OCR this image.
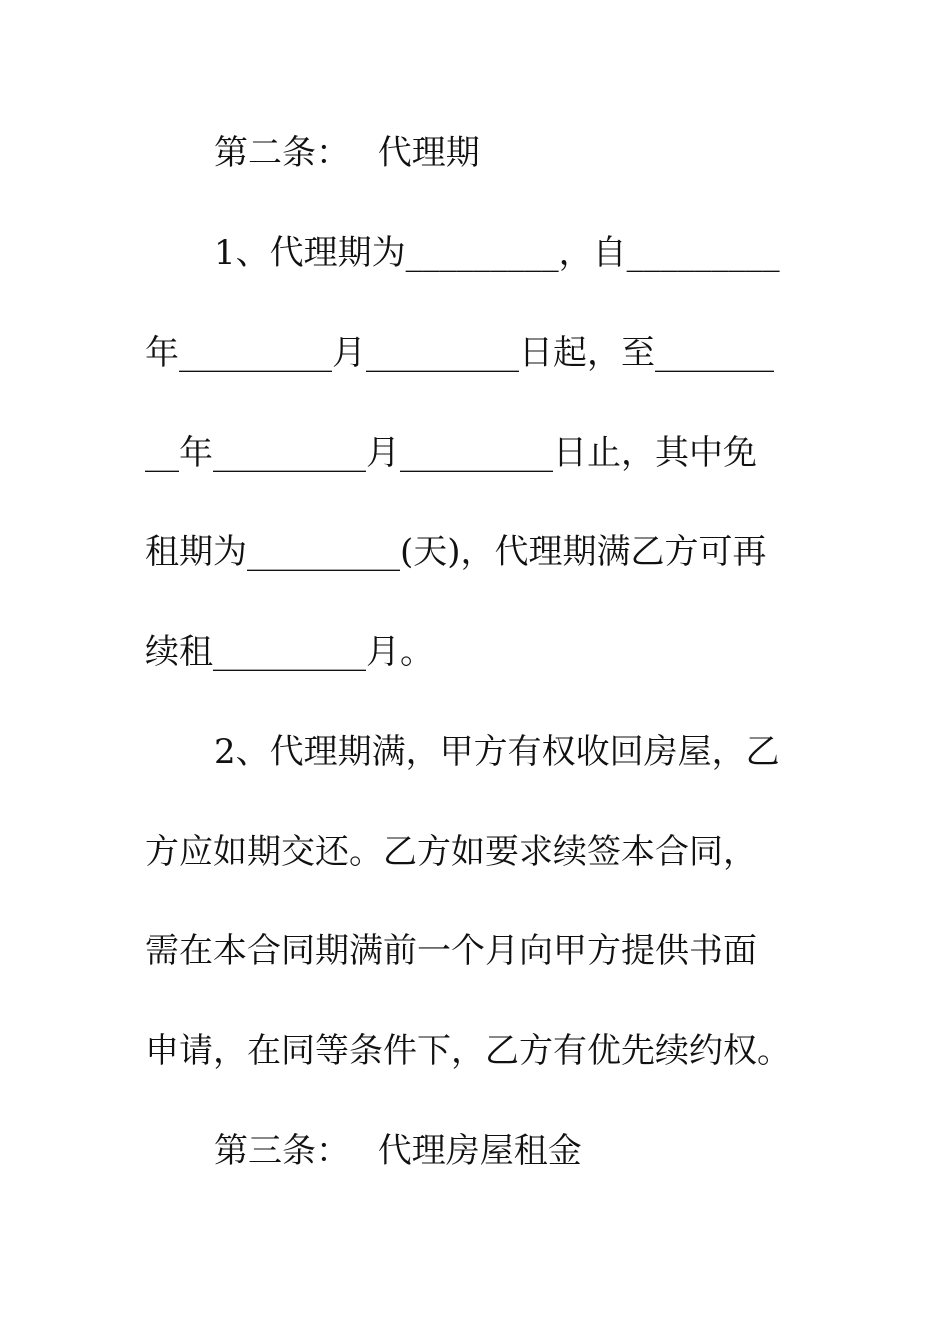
第二条：　 代理期
1、代理期为_________，自_________
年_________月_________日起，至_______
__年_________月_________日止，其中免
租期为_________(天)，代理期满乙方可再
续租_________月。
2、代理期满，甲方有权收回房屋，乙
方应如期交还。乙方如要求续签本合同，
需在本合同期满前一个月向甲方提供书面
申请，在同等条件下，乙方有优先续约权。
第三条：　 代理房屋租金
